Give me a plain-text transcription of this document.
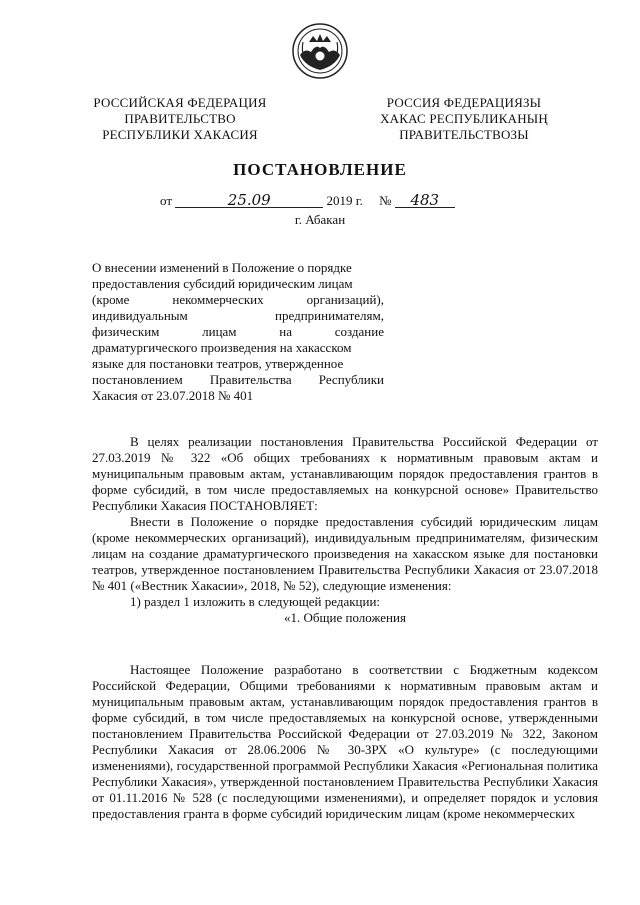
РОССИЙСКАЯ ФЕДЕРАЦИЯ
ПРАВИТЕЛЬСТВО
РЕСПУБЛИКИ ХАКАСИЯ
РОССИЯ ФЕДЕРАЦИЯЗЫ
ХАКАС РЕСПУБЛИКАНЫҢ
ПРАВИТЕЛЬСТВОЗЫ
ПОСТАНОВЛЕНИЕ
от	25.09	2019 г. № 483
г. Абакан
О внесении изменений в Положение о порядке
предоставления субсидий юридическим лицам
(кроме некоммерческих организаций),
индивидуальным предпринимателям,
физическим лицам на создание
драматургического произведения на хакасском
языке для постановки театров, утвержденное
постановлением Правительства Республики
Хакасия от 23.07.2018 № 401

В целях реализации постановления Правительства Российской Федерации от 27.03.2019 № 322 «Об общих требованиях к нормативным правовым актам и муниципальным правовым актам, устанавливающим порядок предоставления грантов в форме субсидий, в том числе предоставляемых на конкурсной основе» Правительство Республики Хакасия ПОСТАНОВЛЯЕТ:

Внести в Положение о порядке предоставления субсидий юридическим лицам (кроме некоммерческих организаций), индивидуальным предпринимателям, физическим лицам на создание драматургического произведения на хакасском языке для постановки театров, утвержденное постановлением Правительства Республики Хакасия от 23.07.2018 № 401 («Вестник Хакасии», 2018, № 52), следующие изменения:

1) раздел 1 изложить в следующей редакции:

«1. Общие положения

Настоящее Положение разработано в соответствии с Бюджетным кодексом Российской Федерации, Общими требованиями к нормативным правовым актам и муниципальным правовым актам, устанавливающим порядок предоставления грантов в форме субсидий, в том числе предоставляемых на конкурсной основе, утвержденными постановлением Правительства Российской Федерации от 27.03.2019 № 322, Законом Республики Хакасия от 28.06.2006 № 30-ЗРХ «О культуре» (с последующими изменениями), государственной программой Республики Хакасия «Региональная политика Республики Хакасия», утвержденной постановлением Правительства Республики Хакасия от 01.11.2016 № 528 (с последующими изменениями), и определяет порядок и условия предоставления гранта в форме субсидий юридическим лицам (кроме некоммерческих
